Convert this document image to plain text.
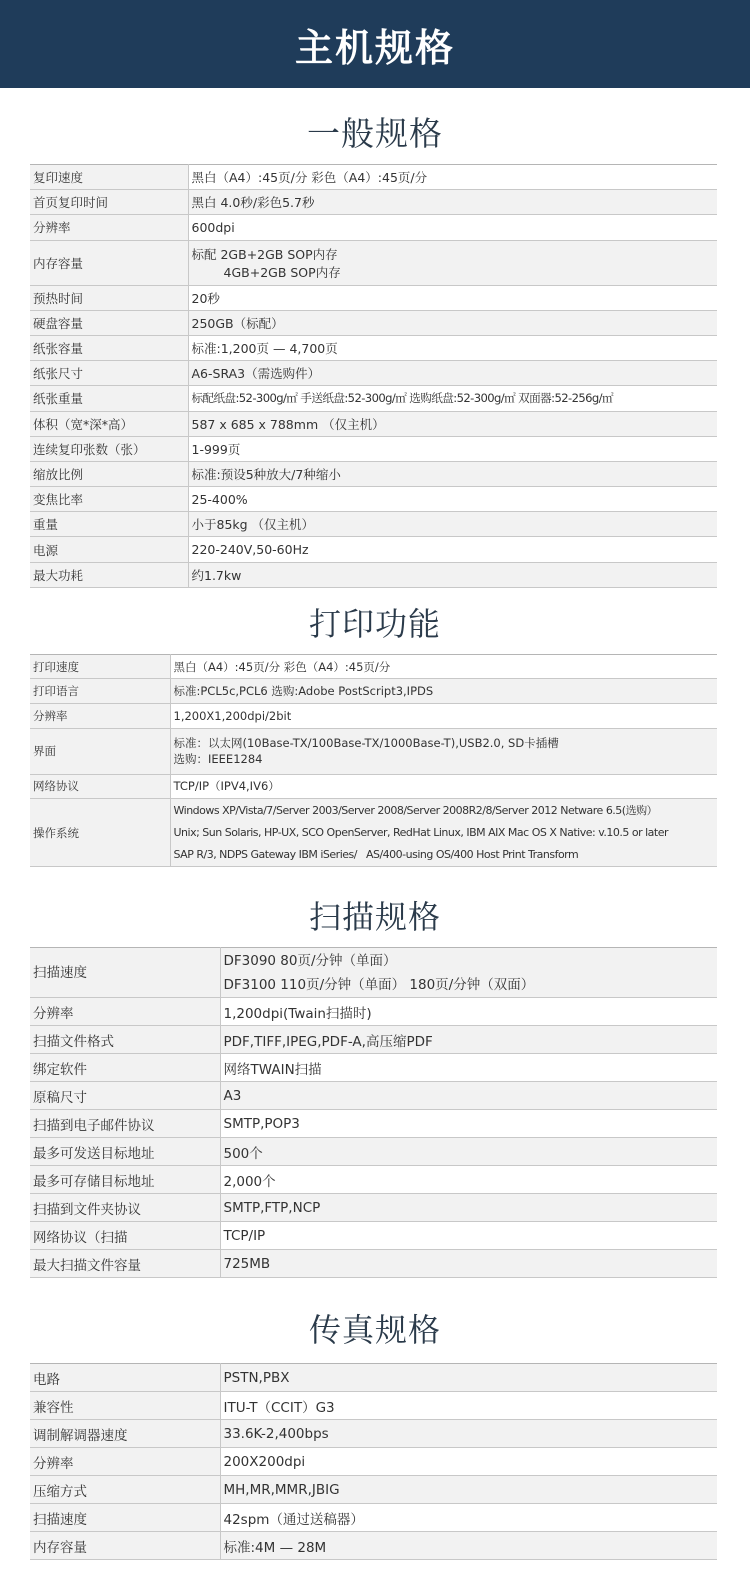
主机规格
一般规格
复印速度	黑白（A4）:45页/分 彩色（A4）:45页/分
首页复印时间	黑白 4.0秒/彩色5.7秒
分辨率	600dpi
内存容量	标配 2GB+2GB SOP内存
4GB+2GB SOP内存

预热时间	20秒
硬盘容量	250GB（标配）
纸张容量	标准:1,200页 — 4,700页
纸张尺寸	A6-SRA3（需选购件）
纸张重量	标配纸盘:52-300g/㎡ 手送纸盘:52-300g/㎡ 选购纸盘:52-300g/㎡ 双面器:52-256g/㎡
体积（宽*深*高）	587 x 685 x 788mm （仅主机）
连续复印张数（张）	1-999页
缩放比例	标准:预设5种放大/7种缩小
变焦比率	25-400%
重量	小于85kg （仅主机）
电源	220-240V,50-60Hz
最大功耗	约1.7kw
打印功能
打印速度	黑白（A4）:45页/分 彩色（A4）:45页/分
打印语言	标准:PCL5c,PCL6 选购:Adobe PostScript3,IPDS
分辨率	1,200X1,200dpi/2bit
界面	标准：以太网(10Base-TX/100Base-TX/1000Base-T),USB2.0, SD卡插槽
选购：IEEE1284

网络协议	TCP/IP（IPV4,IV6）
操作系统	Windows XP/Vista/7/Server 2003/Server 2008/Server 2008R2/8/Server 2012 Netware 6.5(选购）
Unix; Sun Solaris, HP-UX, SCO OpenServer, RedHat Linux, IBM AIX Mac OS X Native: v.10.5 or later
SAP R/3, NDPS Gateway IBM iSeries/   AS/400-using OS/400 Host Print Transform
扫描规格
扫描速度	DF3090 80页/分钟（单面）
DF3100 110页/分钟（单面） 180页/分钟（双面）

分辨率	1,200dpi(Twain扫描时)
扫描文件格式	PDF,TIFF,IPEG,PDF-A,高压缩PDF
绑定软件	网络TWAIN扫描
原稿尺寸	A3
扫描到电子邮件协议	SMTP,POP3
最多可发送目标地址	500个
最多可存储目标地址	2,000个
扫描到文件夹协议	SMTP,FTP,NCP
网络协议（扫描	TCP/IP
最大扫描文件容量	725MB
传真规格
电路	PSTN,PBX
兼容性	ITU-T（CCIT）G3
调制解调器速度	33.6K-2,400bps
分辨率	200X200dpi
压缩方式	MH,MR,MMR,JBIG
扫描速度	42spm（通过送稿器）
内存容量	标准:4M — 28M
